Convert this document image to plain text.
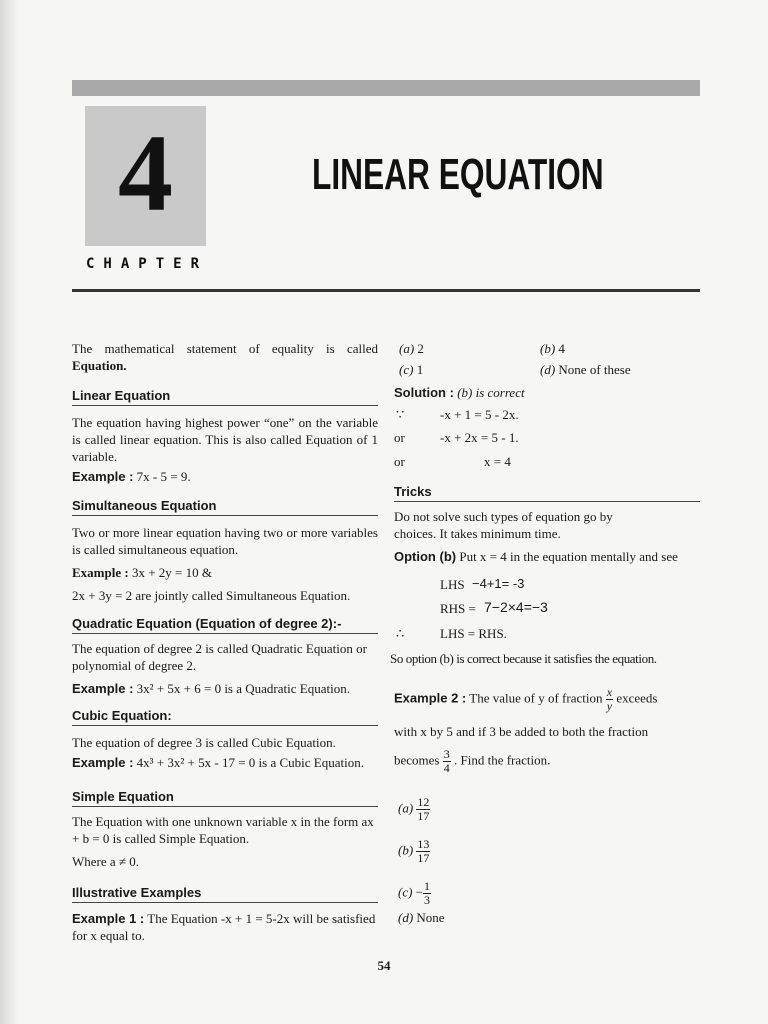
4
CHAPTER
LINEAR EQUATION

The mathematical statement of equality is called Equation.

Linear Equation

The equation having highest power “one” on the variable is called linear equation. This is also called Equation of 1 variable.

Example : 7x - 5 = 9.

Simultaneous Equation

Two or more linear equation having two or more variables is called simultaneous equation.

Example : 3x + 2y = 10 &

2x + 3y = 2 are jointly called Simultaneous Equation.

Quadratic Equation (Equation of degree 2):-

The equation of degree 2 is called Quadratic Equation or polynomial of degree 2.

Example : 3x² + 5x + 6 = 0 is a Quadratic Equation.

Cubic Equation:

The equation of degree 3 is called Cubic Equation.

Example : 4x³ + 3x² + 5x - 17 = 0 is a Cubic Equation.

Simple Equation

The Equation with one unknown variable x in the form ax + b = 0 is called Simple Equation.

Where a ≠ 0.

Illustrative Examples

Example 1 : The Equation -x + 1 = 5-2x will be satisfied for x equal to.

(a) 2	(b) 4
(c) 1	(d) None of these
Solution : (b) is correct
∵	-x + 1 = 5 - 2x.
or	-x + 2x = 5 - 1.
or	x = 4
Tricks
Do not solve such types of equation go by choices. It takes minimum time.
Option (b) Put x = 4 in the equation mentally and see
LHS −4+1= -3
RHS = 7−2×4=−3
∴	LHS = RHS.
So option (b) is correct because it satisfies the equation.
Example 2 : The value of y of fraction $\frac{x}{y}$ exceeds
with x by 5 and if 3 be added to both the fraction
becomes $\frac{3}{4}$ . Find the fraction.
$(a) \frac{12}{17}$
$(b) \frac{13}{17}$
$(c) - \frac{1}{3}$
(d) None
54
